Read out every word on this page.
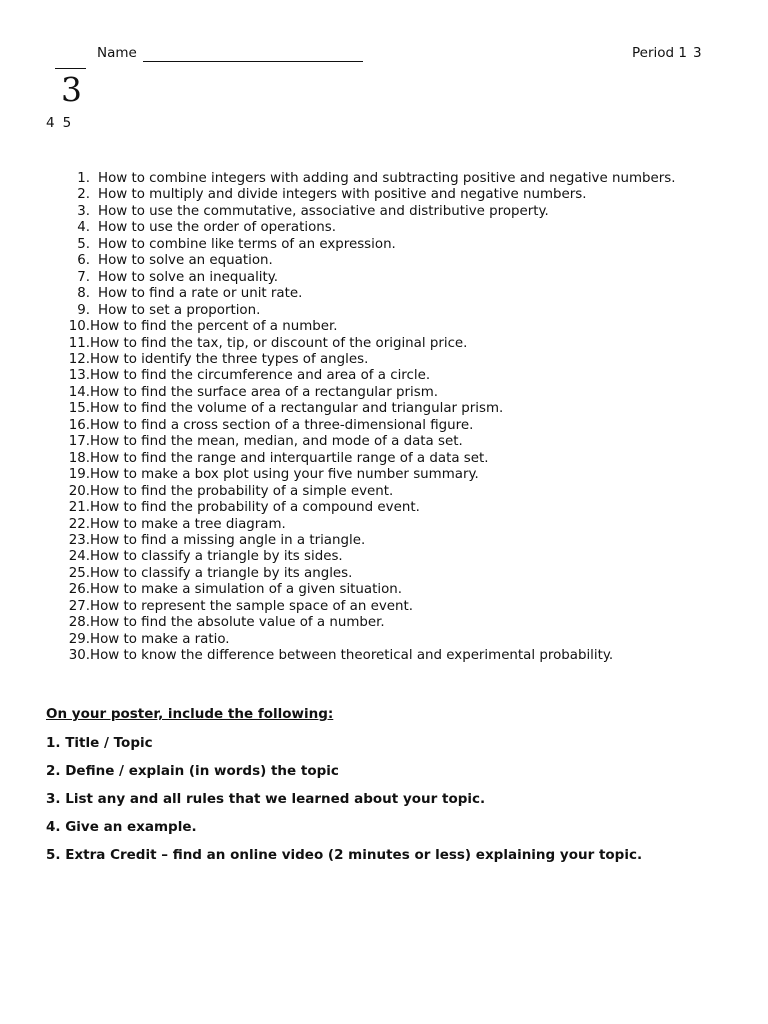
Name	Period 1 3
3
4 5
1. How to combine integers with adding and subtracting positive and negative numbers.
2. How to multiply and divide integers with positive and negative numbers.
3. How to use the commutative, associative and distributive property.
4. How to use the order of operations.
5. How to combine like terms of an expression.
6. How to solve an equation.
7. How to solve an inequality.
8. How to find a rate or unit rate.
9. How to set a proportion.
10. How to find the percent of a number.
11. How to find the tax, tip, or discount of the original price.
12. How to identify the three types of angles.
13. How to find the circumference and area of a circle.
14. How to find the surface area of a rectangular prism.
15. How to find the volume of a rectangular and triangular prism.
16. How to find a cross section of a three-dimensional figure.
17. How to find the mean, median, and mode of a data set.
18. How to find the range and interquartile range of a data set.
19. How to make a box plot using your five number summary.
20. How to find the probability of a simple event.
21. How to find the probability of a compound event.
22. How to make a tree diagram.
23. How to find a missing angle in a triangle.
24. How to classify a triangle by its sides.
25. How to classify a triangle by its angles.
26. How to make a simulation of a given situation.
27. How to represent the sample space of an event.
28. How to find the absolute value of a number.
29. How to make a ratio.
30. How to know the difference between theoretical and experimental probability.
On your poster, include the following:
1. Title / Topic
2. Define / explain (in words) the topic
3. List any and all rules that we learned about your topic.
4. Give an example.
5. Extra Credit – find an online video (2 minutes or less) explaining your topic.
